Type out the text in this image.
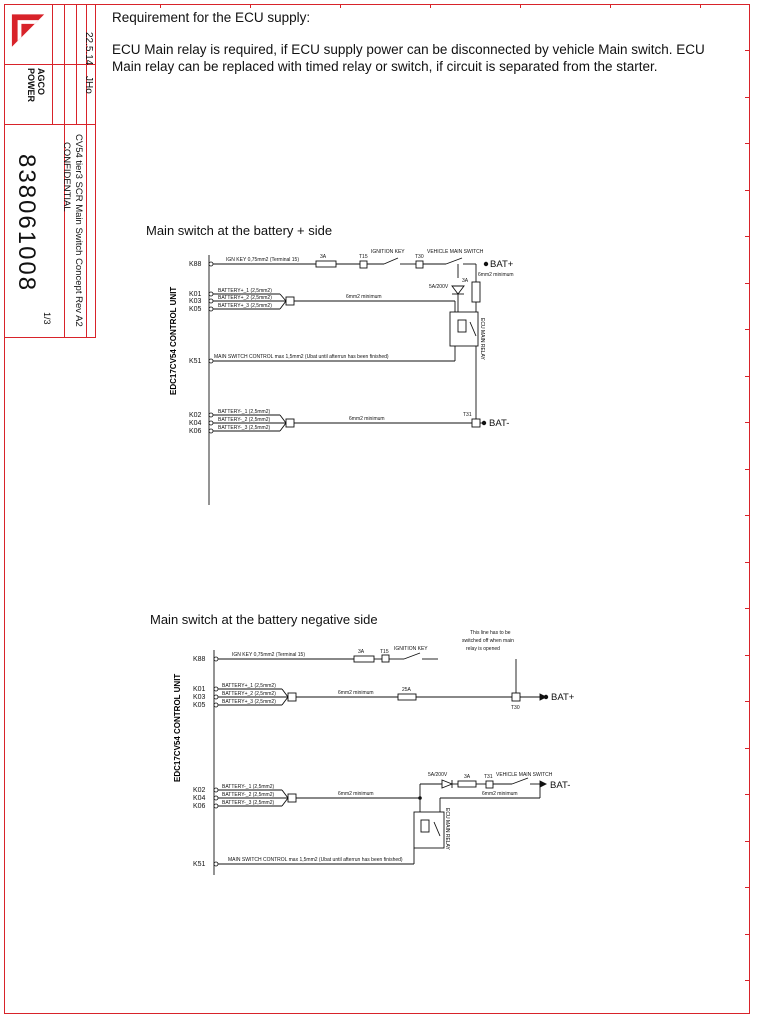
AGCO
POWER
22.5.14
JHo
CV54 tier3 SCR Main Switch Concept Rev A2
CONFIDENTIAL
1/3
838061008
Requirement for the ECU supply:
ECU Main relay is required, if ECU supply power can be disconnected by vehicle Main switch. ECU Main relay can be replaced with timed relay or switch, if circuit is separated from the starter.
Main switch at the battery + side
Main switch at the battery negative side
K88
K01
K03
K05
K51
K02
K04
K06
EDC17CV54 CONTROL UNIT
IGN KEY 0,75mm2 (Terminal 15)	3A	T15
IGNITION KEY	VEHICLE MAIN SWITCH
T30
6mm2 minimum
5A/200V
3A
BATTERY+_1 (2,5mm2)
BATTERY+_2 (2,5mm2)
BATTERY+_3 (2,5mm2)
6mm2 minimum
MAIN SWITCH CONTROL max 1,5mm2 (Ubat until afterrun has been finished)
BATTERY-_1 (2,5mm2)
BATTERY-_2 (2,5mm2)
BATTERY-_3 (2,5mm2)
6mm2 minimum
T31
ECU MAIN RELAY
BAT+
BAT-
K88
K01
K03
K05
K02
K04
K06
K51
EDC17CV54 CONTROL UNIT
IGN KEY 0,75mm2 (Terminal 15)	3A	T15 IGNITION KEY
This line has to be
switched off when main
relay is opened
BATTERY+_1 (2,5mm2)
BATTERY+_2 (2,5mm2)
BATTERY+_3 (2,5mm2)
6mm2 minimum	25A
T30
5A/200V	3A	T31 VEHICLE MAIN SWITCH
BATTERY-_1 (2,5mm2)
BATTERY-_2 (2,5mm2)
BATTERY-_3 (2,5mm2)
6mm2 minimum	6mm2 minimum
MAIN SWITCH CONTROL max 1,5mm2 (Ubat until afterrun has been finished)
ECU MAIN RELAY
BAT+
BAT-
